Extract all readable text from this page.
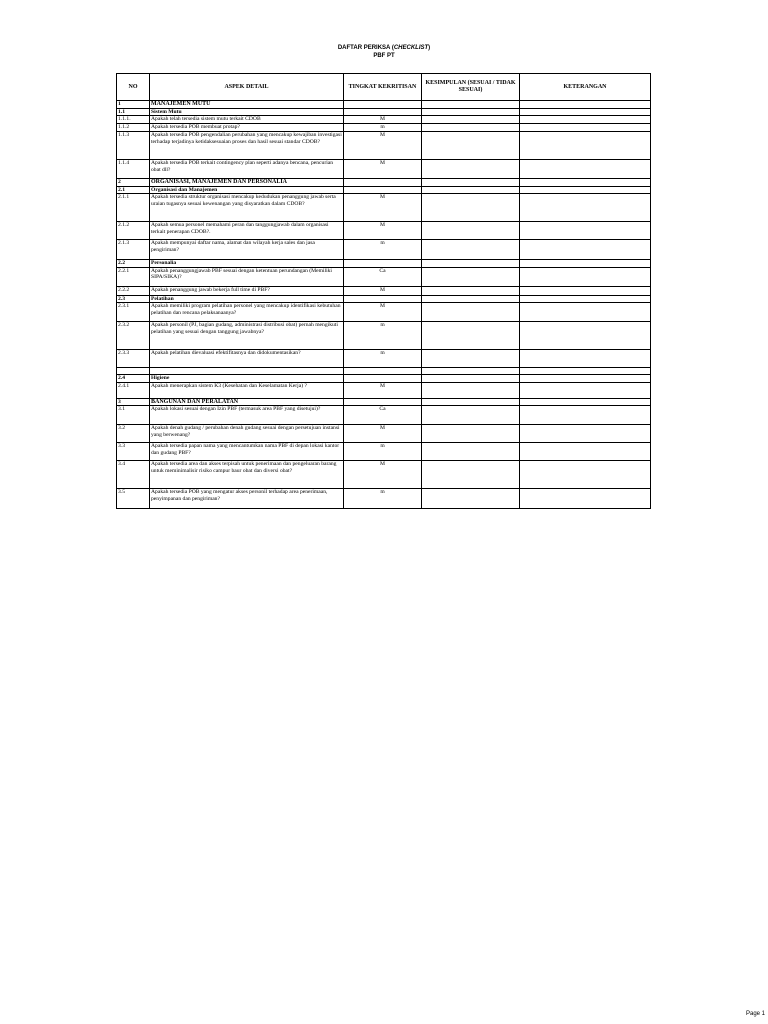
DAFTAR PERIKSA (CHECKLIST)
PBF PT
NO	ASPEK DETAIL	TINGKAT KEKRITISAN	KESIMPULAN (SESUAI / TIDAK SESUAI)	KETERANGAN
1	MANAJEMEN MUTU			
1.1	Sistem Mutu			
1.1.1.	Apakah telah tersedia sistem mutu terkait CDOB	M		
1.1.2	Apakah tersedia POB membuat protap?	m		
1.1.3	Apakah tersedia POB pengendalian perubahan yang mencakup kewajiban investigasi terhadap terjadinya ketidaksesuaian proses dan hasil sesuai standar CDOB?	M		
1.1.4	Apakah tersedia POB terkait contingency plan seperti adanya bencana, pencurian obat dll?	M		
2	ORGANISASI, MANAJEMEN DAN PERSONALIA			
2.1	Organisasi dan Manajemen			
2.1.1	Apakah tersedia struktur organisasi mencakup kedudukan penanggung jawab serta uraian tugasnya sesuai kewenangan yang disyaratkan dalam CDOB?	M		
2.1.2	Apakah semua personel memahami peran dan tanggungjawab dalam organisasi terkait penerapan CDOB?.	M		
2.1.3	Apakah mempunyai daftar nama, alamat dan wilayah kerja sales dan jasa pengiriman?	m		
2.2	Personalia			
2.2.1	Apakah penanggungjawab PBF sesuai dengan ketentuan perundangan (Memiliki SIPA/SIKA)?	Ca		
2.2.2	Apakah penanggung jawab bekerja full time di PBF?	M		
2.3	Pelatihan			
2.3.1	Apakah memiliki program pelatihan personel yang mencakup identifikasi kebutuhan pelatihan dan rencana pelaksanaanya?	M		
2.3.2	Apakah personil (PJ, bagian gudang, administrasi distribusi obat) pernah mengikuti pelatihan yang sesuai dengan tanggung jawabnya?	m		
2.3.3	Apakah pelatihan dievaluasi efektifitasnya dan didokumentasikan?	m		

2.4	Higiene			
2.4.1	Apakah menerapkan sistem K3 (Kesehatan dan Keselamatan Kerja) ?	M		
3	BANGUNAN DAN PERALATAN			
3.1	Apakah lokasi sesuai dengan Izin PBF (termasuk area PBF yang disetujui)?	Ca		
3.2	Apakah denah gudang / perubahan denah gudang sesuai dengan persetujuan instansi yang berwenang?	M		
3.3	Apakah tersedia papan nama yang mencantumkan nama PBF di depan lokasi kantor dan gudang PBF?	m		
3.4	Apakah tersedia area dan akses terpisah untuk penerimaan dan pengeluaran barang untuk meminimalisir risiko campur baur obat dan diversi obat?	M		
3.5	Apakah tersedia POB yang mengatur akses personil terhadap area penerimaan, penyimpanan dan pengiriman?	m		
Page 1
